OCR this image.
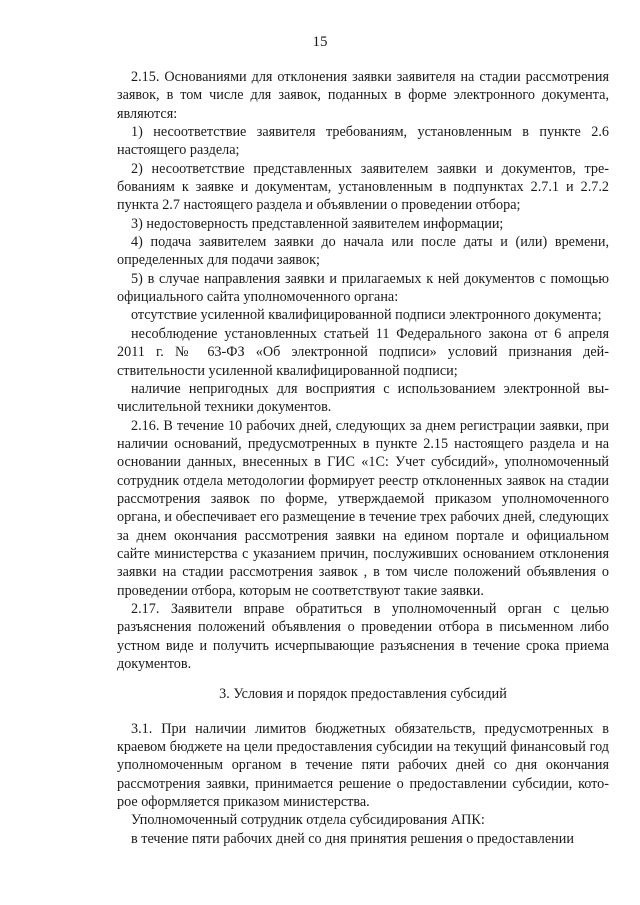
15

2.15. Основаниями для отклонения заявки заявителя на стадии рассмотрения заявок, в том числе для заявок, поданных в форме электронного документа, являются:

1) несоответствие заявителя требованиям, установленным в пункте 2.6 настоящего раздела;

2) несоответствие представленных заявителем заявки и документов, требованиям к заявке и документам, установленным в подпунктах 2.7.1 и 2.7.2 пункта 2.7 настоящего раздела и объявлении о проведении отбора;

3) недостоверность представленной заявителем информации;

4) подача заявителем заявки до начала или после даты и (или) времени, определенных для подачи заявок;

5) в случае направления заявки и прилагаемых к ней документов с помощью официального сайта уполномоченного органа:

отсутствие усиленной квалифицированной подписи электронного документа;

несоблюдение установленных статьей 11 Федерального закона от 6 апреля 2011 г. № 63-ФЗ «Об электронной подписи» условий признания действительности усиленной квалифицированной подписи;

наличие непригодных для восприятия с использованием электронной вычислительной техники документов.

2.16. В течение 10 рабочих дней, следующих за днем регистрации заявки, при наличии оснований, предусмотренных в пункте 2.15 настоящего раздела и на основании данных, внесенных в ГИС «1С: Учет субсидий», уполномоченный сотрудник отдела методологии формирует реестр отклоненных заявок на стадии рассмотрения заявок по форме, утверждаемой приказом уполномоченного органа, и обеспечивает его размещение в течение трех рабочих дней, следующих за днем окончания рассмотрения заявки на едином портале и официальном сайте министерства с указанием причин, послуживших основанием отклонения заявки на стадии рассмотрения заявок , в том числе положений объявления о проведении отбора, которым не соответствуют такие заявки.

2.17. Заявители вправе обратиться в уполномоченный орган с целью разъяснения положений объявления о проведении отбора в письменном либо устном виде и получить исчерпывающие разъяснения в течение срока приема документов.

3. Условия и порядок предоставления субсидий

3.1. При наличии лимитов бюджетных обязательств, предусмотренных в краевом бюджете на цели предоставления субсидии на текущий финансовый год уполномоченным органом в течение пяти рабочих дней со дня окончания рассмотрения заявки, принимается решение о предоставлении субсидии, которое оформляется приказом министерства.

Уполномоченный сотрудник отдела субсидирования АПК:

в течение пяти рабочих дней со дня принятия решения о предоставлении
